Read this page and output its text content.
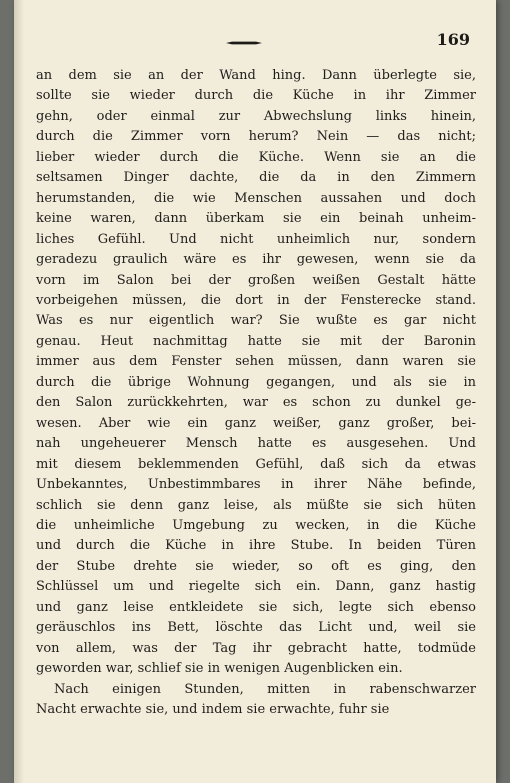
169
an dem sie an der Wand hing. Dann überlegte sie,
sollte sie wieder durch die Küche in ihr Zimmer
gehn, oder einmal zur Abwechslung links hinein,
durch die Zimmer vorn herum? Nein — das nicht;
lieber wieder durch die Küche. Wenn sie an die
seltsamen Dinger dachte, die da in den Zimmern
herumstanden, die wie Menschen aussahen und doch
keine waren, dann überkam sie ein beinah unheim-
liches Gefühl. Und nicht unheimlich nur, sondern
geradezu graulich wäre es ihr gewesen, wenn sie da
vorn im Salon bei der großen weißen Gestalt hätte
vorbeigehen müssen, die dort in der Fensterecke stand.
Was es nur eigentlich war? Sie wußte es gar nicht
genau. Heut nachmittag hatte sie mit der Baronin
immer aus dem Fenster sehen müssen, dann waren sie
durch die übrige Wohnung gegangen, und als sie in
den Salon zurückkehrten, war es schon zu dunkel ge-
wesen. Aber wie ein ganz weißer, ganz großer, bei-
nah ungeheuerer Mensch hatte es ausgesehen. Und
mit diesem beklemmenden Gefühl, daß sich da etwas
Unbekanntes, Unbestimmbares in ihrer Nähe befinde,
schlich sie denn ganz leise, als müßte sie sich hüten
die unheimliche Umgebung zu wecken, in die Küche
und durch die Küche in ihre Stube. In beiden Türen
der Stube drehte sie wieder, so oft es ging, den
Schlüssel um und riegelte sich ein. Dann, ganz hastig
und ganz leise entkleidete sie sich, legte sich ebenso
geräuschlos ins Bett, löschte das Licht und, weil sie
von allem, was der Tag ihr gebracht hatte, todmüde
geworden war, schlief sie in wenigen Augenblicken ein.
Nach einigen Stunden, mitten in rabenschwarzer
Nacht erwachte sie, und indem sie erwachte, fuhr sie
